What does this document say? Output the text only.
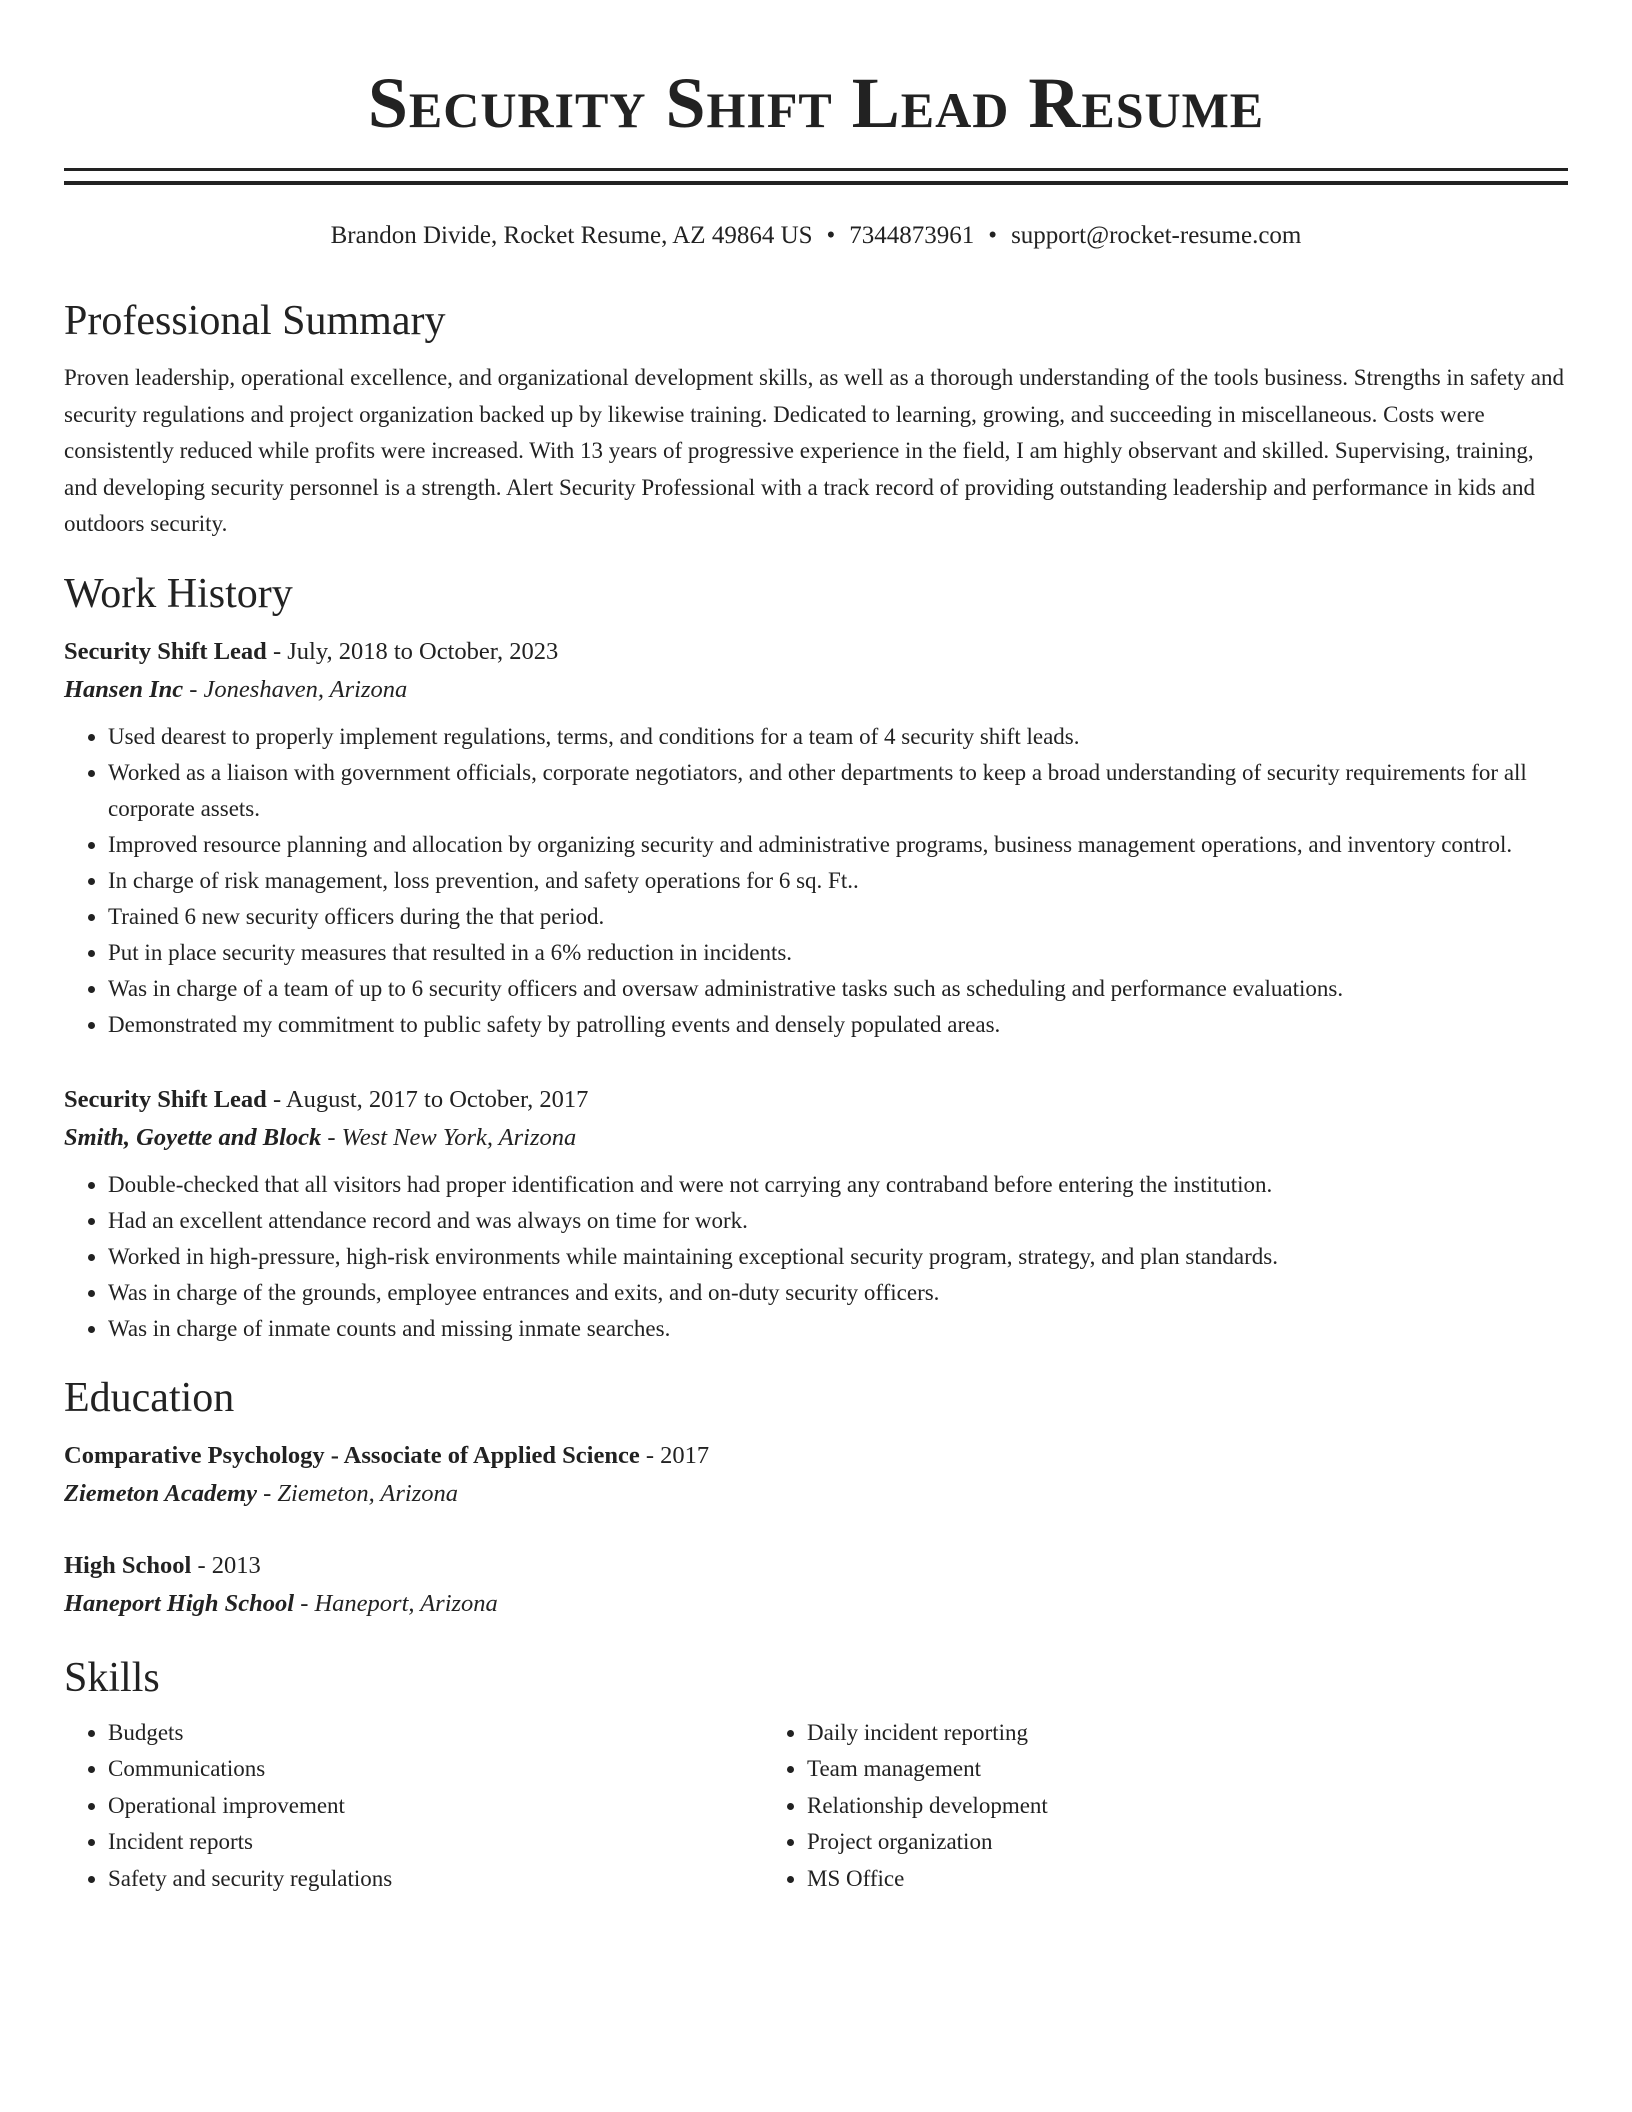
Security Shift Lead Resume
Brandon Divide, Rocket Resume, AZ 49864 US • 7344873961 • support@rocket-resume.com
Professional Summary
Proven leadership, operational excellence, and organizational development skills, as well as a thorough understanding of the tools business. Strengths in safety and security regulations and project organization backed up by likewise training. Dedicated to learning, growing, and succeeding in miscellaneous. Costs were consistently reduced while profits were increased. With 13 years of progressive experience in the field, I am highly observant and skilled. Supervising, training, and developing security personnel is a strength. Alert Security Professional with a track record of providing outstanding leadership and performance in kids and outdoors security.
Work History
Security Shift Lead - July, 2018 to October, 2023
Hansen Inc - Joneshaven, Arizona
• Used dearest to properly implement regulations, terms, and conditions for a team of 4 security shift leads.
• Worked as a liaison with government officials, corporate negotiators, and other departments to keep a broad understanding of security requirements for all corporate assets.
• Improved resource planning and allocation by organizing security and administrative programs, business management operations, and inventory control.
• In charge of risk management, loss prevention, and safety operations for 6 sq. Ft..
• Trained 6 new security officers during the that period.
• Put in place security measures that resulted in a 6% reduction in incidents.
• Was in charge of a team of up to 6 security officers and oversaw administrative tasks such as scheduling and performance evaluations.
• Demonstrated my commitment to public safety by patrolling events and densely populated areas.
Security Shift Lead - August, 2017 to October, 2017
Smith, Goyette and Block - West New York, Arizona
• Double-checked that all visitors had proper identification and were not carrying any contraband before entering the institution.
• Had an excellent attendance record and was always on time for work.
• Worked in high-pressure, high-risk environments while maintaining exceptional security program, strategy, and plan standards.
• Was in charge of the grounds, employee entrances and exits, and on-duty security officers.
• Was in charge of inmate counts and missing inmate searches.
Education
Comparative Psychology - Associate of Applied Science - 2017
Ziemeton Academy - Ziemeton, Arizona
High School - 2013
Haneport High School - Haneport, Arizona
Skills
• Budgets
• Communications
• Operational improvement
• Incident reports
• Safety and security regulations
• Daily incident reporting
• Team management
• Relationship development
• Project organization
• MS Office
